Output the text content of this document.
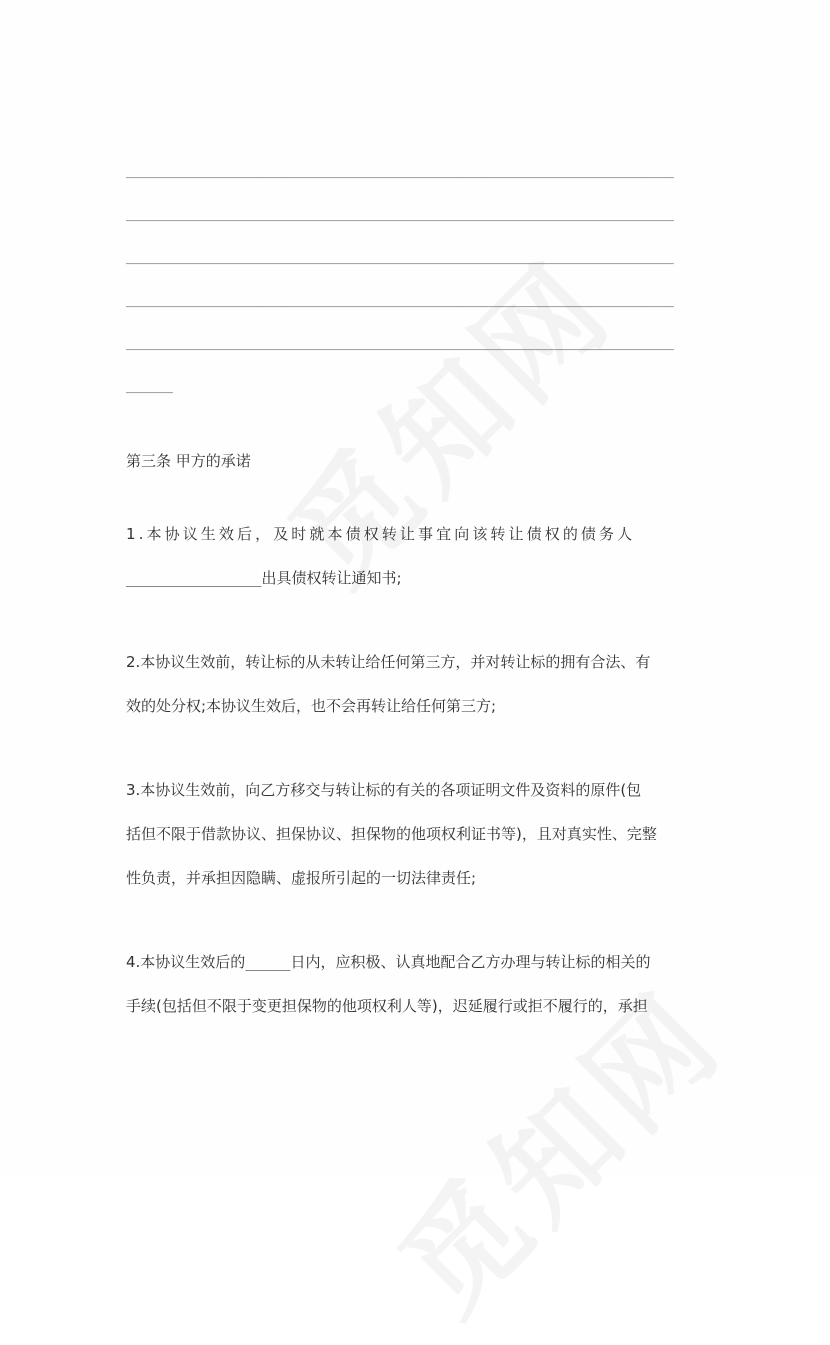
______________________________________________________________________
______________________________________________________________________
______________________________________________________________________
______________________________________________________________________
______________________________________________________________________
______
第三条 甲方的承诺
1.本协议生效后，及时就本债权转让事宜向该转让债权的债务人
_______________出具债权转让通知书;
2.本协议生效前，转让标的从未转让给任何第三方，并对转让标的拥有合法、有
效的处分权;本协议生效后，也不会再转让给任何第三方;
3.本协议生效前，向乙方移交与转让标的有关的各项证明文件及资料的原件(包
括但不限于借款协议、担保协议、担保物的他项权利证书等)，且对真实性、完整
性负责，并承担因隐瞒、虚报所引起的一切法律责任;
4.本协议生效后的_____日内，应积极、认真地配合乙方办理与转让标的相关的
手续(包括但不限于变更担保物的他项权利人等)，迟延履行或拒不履行的，承担
